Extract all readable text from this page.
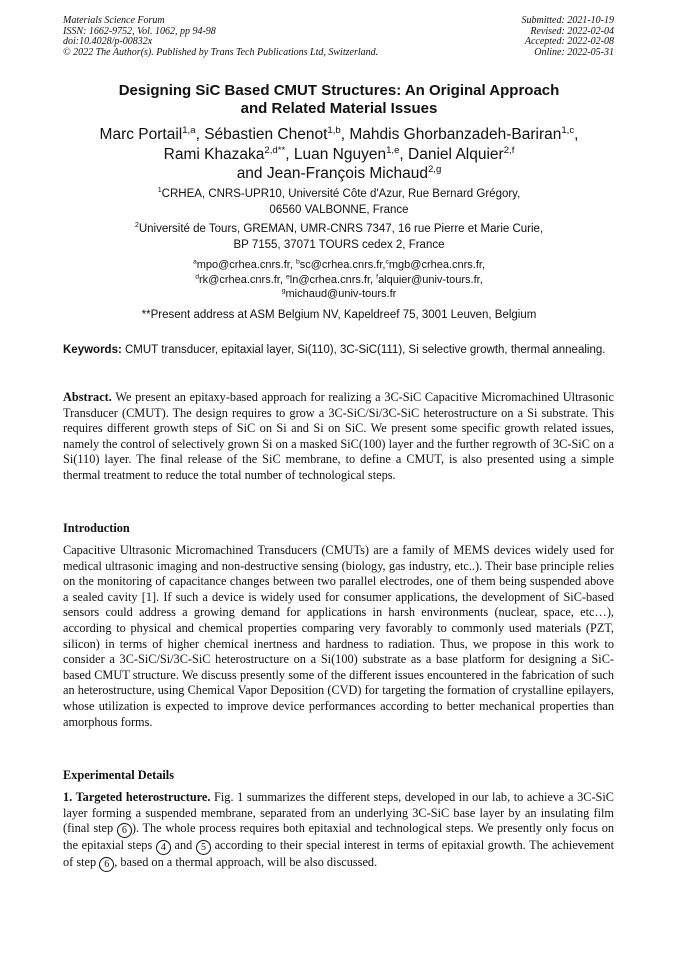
Materials Science Forum
ISSN: 1662-9752, Vol. 1062, pp 94-98
doi:10.4028/p-00832x
© 2022 The Author(s). Published by Trans Tech Publications Ltd, Switzerland.
Submitted: 2021-10-19
Revised: 2022-02-04
Accepted: 2022-02-08
Online: 2022-05-31
Designing SiC Based CMUT Structures: An Original Approach
and Related Material Issues
Marc Portail$^{1,a}$, Sébastien Chenot$^{1,b}$, Mahdis Ghorbanzadeh-Bariran$^{1,c}$,
Rami Khazaka$^{2,d**}$, Luan Nguyen$^{1,e}$, Daniel Alquier$^{2,f}$
and Jean-François Michaud$^{2,g}$
$^1$CRHEA, CNRS-UPR10, Université Côte d'Azur, Rue Bernard Grégory,
06560 VALBONNE, France
$^2$Université de Tours, GREMAN, UMR-CNRS 7347, 16 rue Pierre et Marie Curie,
BP 7155, 37071 TOURS cedex 2, France
$^a$mpo@crhea.cnrs.fr, $^b$sc@crhea.cnrs.fr,$^c$mgb@crhea.cnrs.fr,
$^d$rk@crhea.cnrs.fr, $^e$ln@crhea.cnrs.fr, $^f$alquier@univ-tours.fr,
$^g$michaud@univ-tours.fr
**Present address at ASM Belgium NV, Kapeldreef 75, 3001 Leuven, Belgium
Keywords: CMUT transducer, epitaxial layer, Si(110), 3C-SiC(111), Si selective growth, thermal annealing.
Abstract. We present an epitaxy-based approach for realizing a 3C-SiC Capacitive Micromachined Ultrasonic Transducer (CMUT). The design requires to grow a 3C-SiC/Si/3C-SiC heterostructure on a Si substrate. This requires different growth steps of SiC on Si and Si on SiC. We present some specific growth related issues, namely the control of selectively grown Si on a masked SiC(100) layer and the further regrowth of 3C-SiC on a Si(110) layer. The final release of the SiC membrane, to define a CMUT, is also presented using a simple thermal treatment to reduce the total number of technological steps.
Introduction
Capacitive Ultrasonic Micromachined Transducers (CMUTs) are a family of MEMS devices widely used for medical ultrasonic imaging and non-destructive sensing (biology, gas industry, etc..). Their base principle relies on the monitoring of capacitance changes between two parallel electrodes, one of them being suspended above a sealed cavity [1]. If such a device is widely used for consumer applications, the development of SiC-based sensors could address a growing demand for applications in harsh environments (nuclear, space, etc…), according to physical and chemical properties comparing very favorably to commonly used materials (PZT, silicon) in terms of higher chemical inertness and hardness to radiation. Thus, we propose in this work to consider a 3C-SiC/Si/3C-SiC heterostructure on a Si(100) substrate as a base platform for designing a SiC-based CMUT structure. We discuss presently some of the different issues encountered in the fabrication of such an heterostructure, using Chemical Vapor Deposition (CVD) for targeting the formation of crystalline epilayers, whose utilization is expected to improve device performances according to better mechanical properties than amorphous forms.
Experimental Details
1. Targeted heterostructure. Fig. 1 summarizes the different steps, developed in our lab, to achieve a 3C-SiC layer forming a suspended membrane, separated from an underlying 3C-SiC base layer by an insulating film (final step 6 ). The whole process requires both epitaxial and technological steps. We presently only focus on the epitaxial steps 4 and 5 according to their special interest in terms of epitaxial growth. The achievement of step 6 , based on a thermal approach, will be also discussed.
